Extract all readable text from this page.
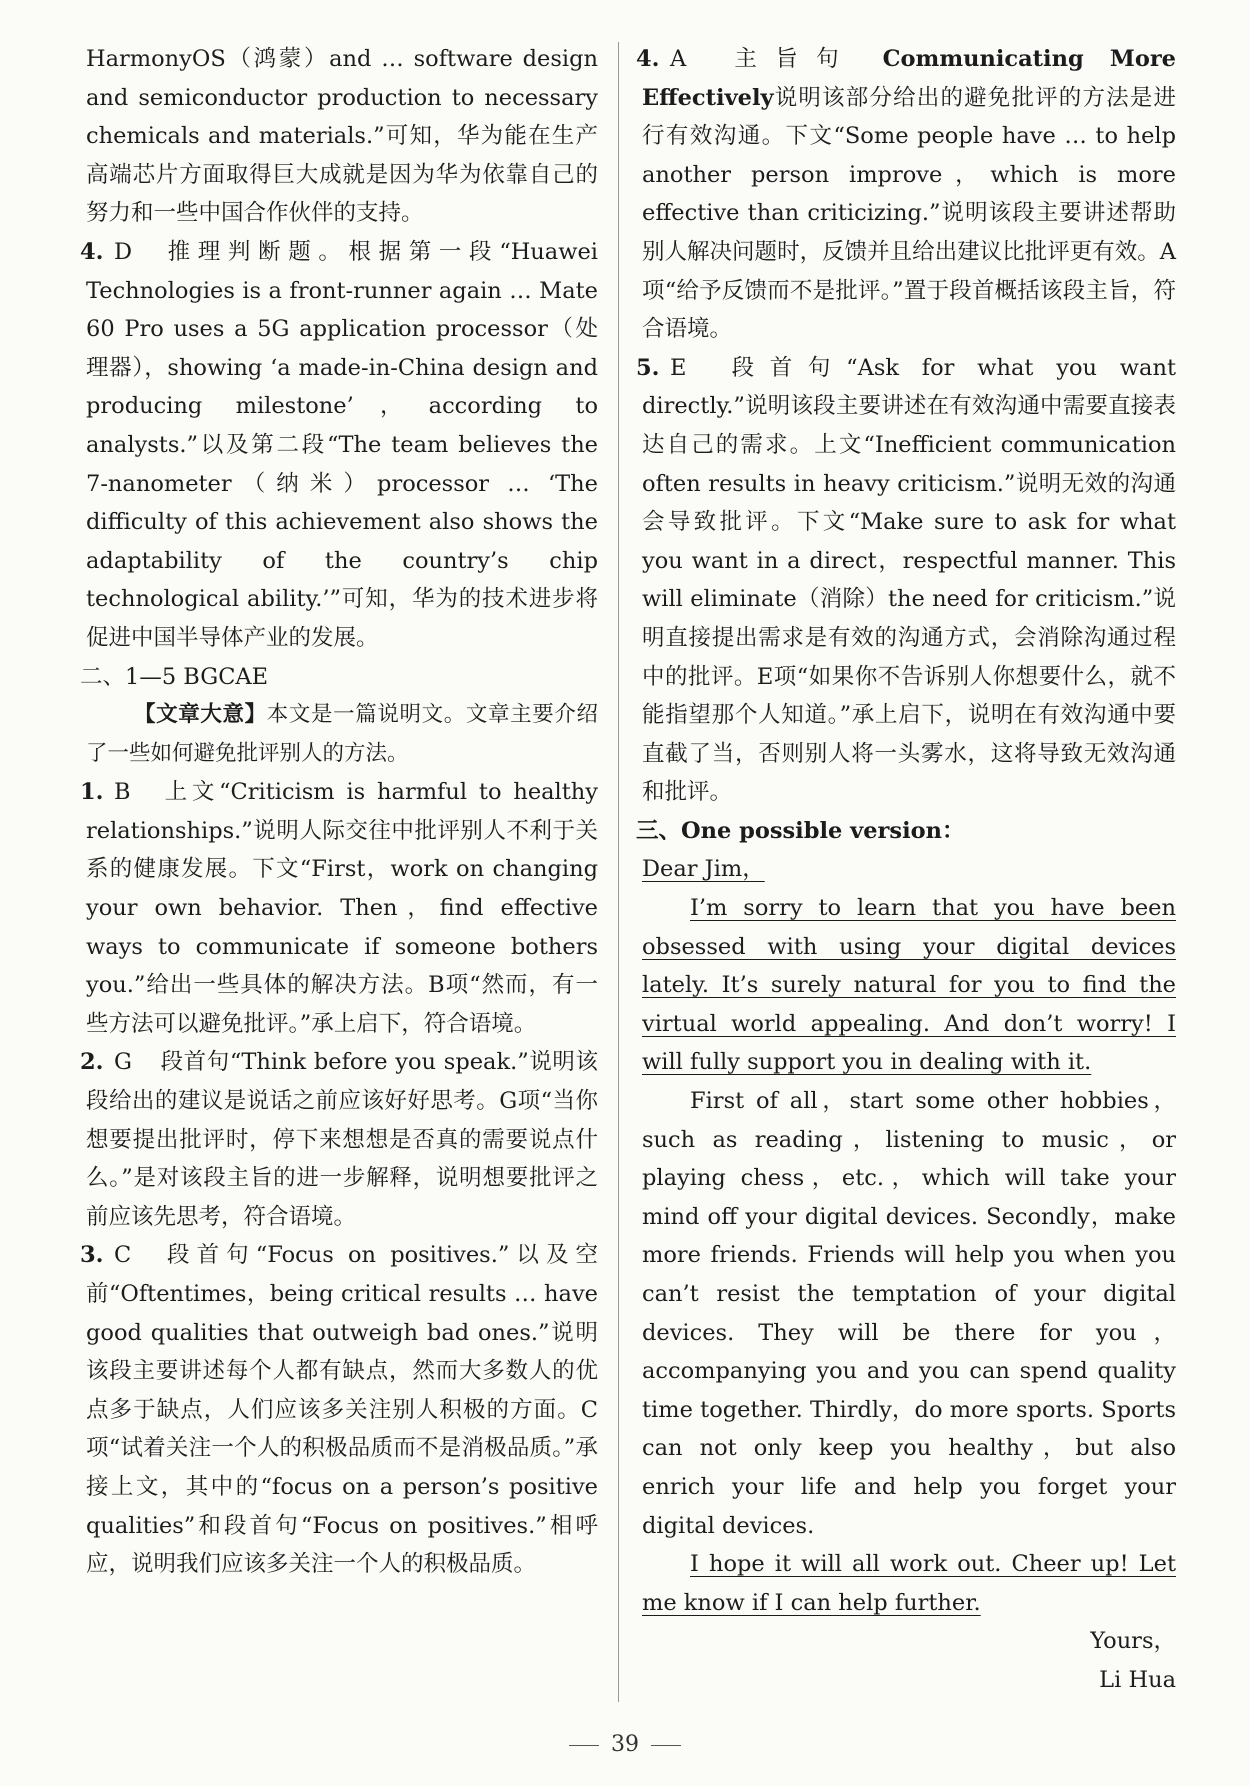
HarmonyOS（鸿蒙）and … software design and semiconductor production to necessary chemicals and materials.”可知，华为能在生产高端芯片方面取得巨大成就是因为华为依靠自己的努力和一些中国合作伙伴的支持。
4. D 推理判断题。根据第一段“Huawei Technologies is a front-runner again … Mate 60 Pro uses a 5G application processor（处理器），showing ‘a made-in-China design and producing milestone’，according to analysts.”以及第二段“The team believes the 7-nanometer（纳米）processor … ‘The difficulty of this achievement also shows the adaptability of the country’s chip technological ability.’”可知，华为的技术进步将促进中国半导体产业的发展。
二、1—5 BGCAE
【文章大意】本文是一篇说明文。文章主要介绍了一些如何避免批评别人的方法。
1. B 上文“Criticism is harmful to healthy relationships.”说明人际交往中批评别人不利于关系的健康发展。下文“First，work on changing your own behavior. Then，find effective ways to communicate if someone bothers you.”给出一些具体的解决方法。B项“然而，有一些方法可以避免批评。”承上启下，符合语境。
2. G 段首句“Think before you speak.”说明该段给出的建议是说话之前应该好好思考。G项“当你想要提出批评时，停下来想想是否真的需要说点什么。”是对该段主旨的进一步解释，说明想要批评之前应该先思考，符合语境。
3. C 段首句“Focus on positives.”以及空前“Oftentimes，being critical results … have good qualities that outweigh bad ones.”说明该段主要讲述每个人都有缺点，然而大多数人的优点多于缺点，人们应该多关注别人积极的方面。C项“试着关注一个人的积极品质而不是消极品质。”承接上文，其中的“focus on a person’s positive qualities”和段首句“Focus on positives.”相呼应，说明我们应该多关注一个人的积极品质。
4. A 主旨句 Communicating More Effectively说明该部分给出的避免批评的方法是进行有效沟通。下文“Some people have … to help another person improve，which is more effective than criticizing.”说明该段主要讲述帮助别人解决问题时，反馈并且给出建议比批评更有效。A项“给予反馈而不是批评。”置于段首概括该段主旨，符合语境。
5. E 段首句“Ask for what you want directly.”说明该段主要讲述在有效沟通中需要直接表达自己的需求。上文“Inefficient communication often results in heavy criticism.”说明无效的沟通会导致批评。下文“Make sure to ask for what you want in a direct，respectful manner. This will eliminate（消除）the need for criticism.”说明直接提出需求是有效的沟通方式，会消除沟通过程中的批评。E项“如果你不告诉别人你想要什么，就不能指望那个人知道。”承上启下，说明在有效沟通中要直截了当，否则别人将一头雾水，这将导致无效沟通和批评。
三、One possible version：
Dear Jim，
I’m sorry to learn that you have been obsessed with using your digital devices lately. It’s surely natural for you to find the virtual world appealing. And don’t worry! I will fully support you in dealing with it.
First of all，start some other hobbies，such as reading，listening to music，or playing chess，etc.，which will take your mind off your digital devices. Secondly，make more friends. Friends will help you when you can’t resist the temptation of your digital devices. They will be there for you，accompanying you and you can spend quality time together. Thirdly，do more sports. Sports can not only keep you healthy，but also enrich your life and help you forget your digital devices.
I hope it will all work out. Cheer up! Let me know if I can help further.
Yours，
Li Hua
39
